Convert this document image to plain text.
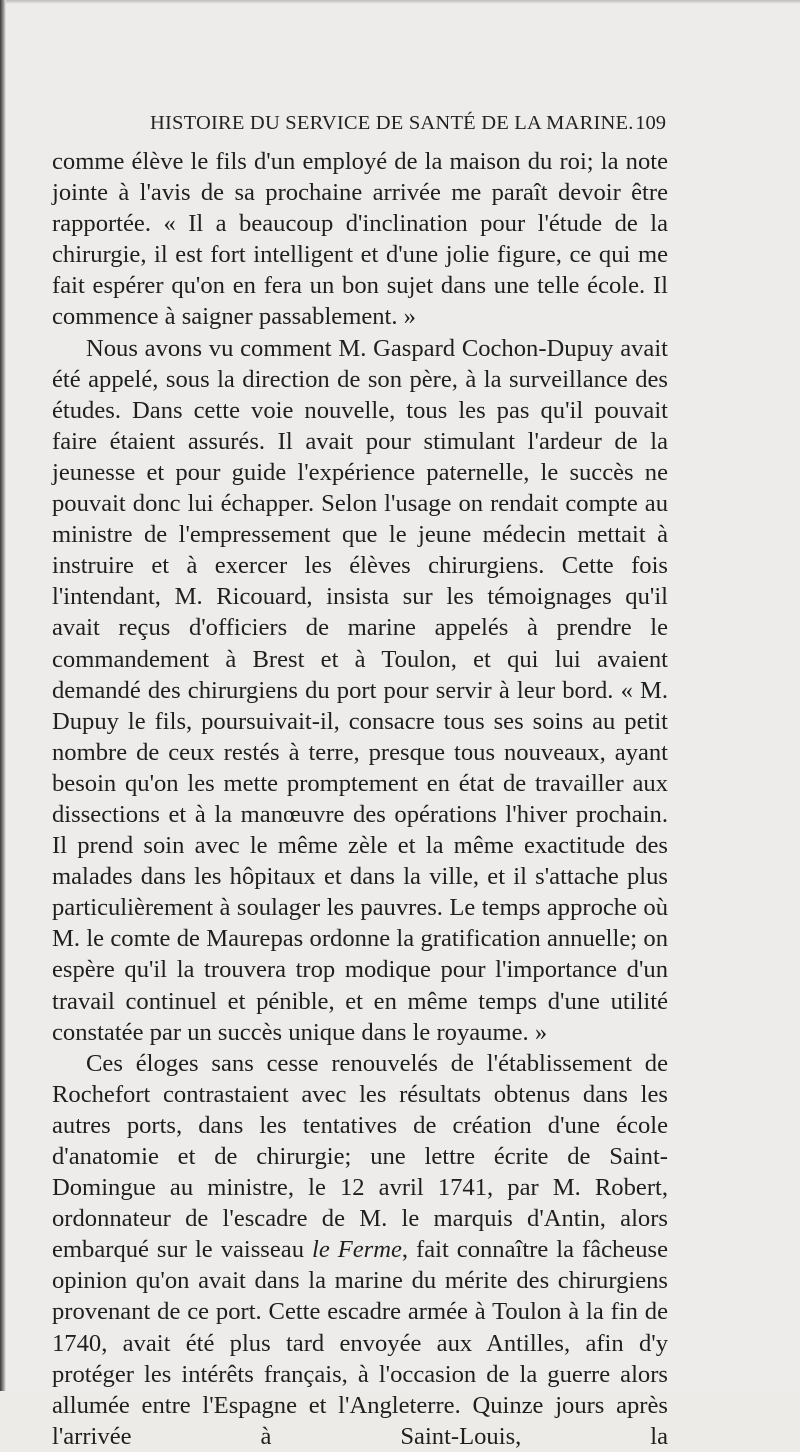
HISTOIRE DU SERVICE DE SANTÉ DE LA MARINE. 109

comme élève le fils d'un employé de la maison du roi; la note jointe à l'avis de sa prochaine arrivée me paraît devoir être rapportée. « Il a beaucoup d'inclination pour l'étude de la chirurgie, il est fort intelligent et d'une jolie figure, ce qui me fait espérer qu'on en fera un bon sujet dans une telle école. Il commence à saigner passablement. »

Nous avons vu comment M. Gaspard Cochon-Dupuy avait été appelé, sous la direction de son père, à la surveillance des études. Dans cette voie nouvelle, tous les pas qu'il pouvait faire étaient assurés. Il avait pour stimulant l'ardeur de la jeunesse et pour guide l'expérience paternelle, le succès ne pouvait donc lui échapper. Selon l'usage on rendait compte au ministre de l'empressement que le jeune médecin mettait à instruire et à exercer les élèves chirurgiens. Cette fois l'intendant, M. Ricouard, insista sur les témoignages qu'il avait reçus d'officiers de marine appelés à prendre le commandement à Brest et à Toulon, et qui lui avaient demandé des chirurgiens du port pour servir à leur bord. « M. Dupuy le fils, poursuivait-il, consacre tous ses soins au petit nombre de ceux restés à terre, presque tous nouveaux, ayant besoin qu'on les mette promptement en état de travailler aux dissections et à la manœuvre des opérations l'hiver prochain. Il prend soin avec le même zèle et la même exactitude des malades dans les hôpitaux et dans la ville, et il s'attache plus particulièrement à soulager les pauvres. Le temps approche où M. le comte de Maurepas ordonne la gratification annuelle; on espère qu'il la trouvera trop modique pour l'importance d'un travail continuel et pénible, et en même temps d'une utilité constatée par un succès unique dans le royaume. »

Ces éloges sans cesse renouvelés de l'établissement de Rochefort contrastaient avec les résultats obtenus dans les autres ports, dans les tentatives de création d'une école d'anatomie et de chirurgie; une lettre écrite de Saint-Domingue au ministre, le 12 avril 1741, par M. Robert, ordonnateur de l'escadre de M. le marquis d'Antin, alors embarqué sur le vaisseau le Ferme, fait connaître la fâcheuse opinion qu'on avait dans la marine du mérite des chirurgiens provenant de ce port. Cette escadre armée à Toulon à la fin de 1740, avait été plus tard envoyée aux Antilles, afin d'y protéger les intérêts français, à l'occasion de la guerre alors allumée entre l'Espagne et l'Angleterre. Quinze jours après l'arrivée à Saint-Louis, la
